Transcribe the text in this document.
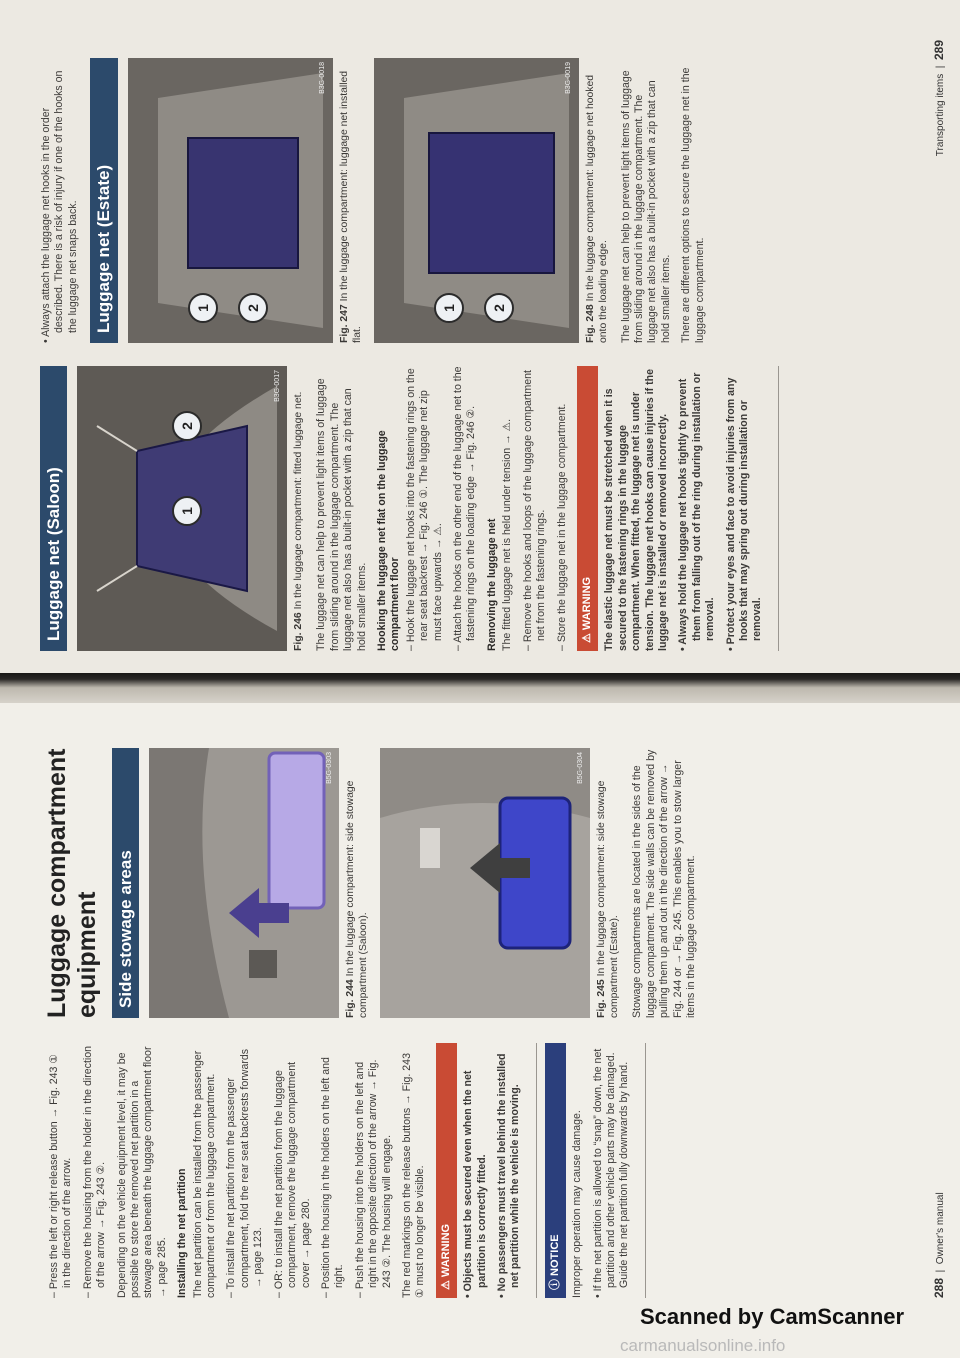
– Press the left or right release button → Fig. 243 ① in the direction of the arrow.

– Remove the housing from the holder in the direction of the arrow → Fig. 243 ②. Depending on the vehicle equipment level, it may be possible to store the removed net partition in a stowage area beneath the luggage compartment floor → page 285. Installing the net partition The net partition can be installed from the passenger compartment or from the luggage compartment. – To install the net partition from the passenger compartment, fold the rear seat backrests forwards → page 123.

– OR: to install the net partition from the luggage compartment, remove the luggage compartment cover → page 280.

– Position the housing in the holders on the left and right.

– Push the housing into the holders on the left and right in the opposite direction of the arrow → Fig. 243 ②. The housing will engage. The red markings on the release buttons → Fig. 243 ① must no longer be visible.	⚠ WARNING

• Objects must be secured even when the net partition is correctly fitted.

• No passengers must travel behind the installed net partition while the vehicle is moving.	ⓘ NOTICE Improper operation may cause damage. • If the net partition is allowed to “snap” down, the net partition and other vehicle parts may be damaged. Guide the net partition fully downwards by hand.

Luggage compartment equipment Side stowage areas
B5G-0303
Fig. 244 In the luggage compartment: side stowage compartment (Saloon).
B5G-0304
Fig. 245 In the luggage compartment: side stowage compartment (Estate). Stowage compartments are located in the sides of the luggage compartment. The side walls can be removed by pulling them up and out in the direction of the arrow → Fig. 244 or → Fig. 245. This enables you to stow larger items in the luggage compartment.

288  |  Owner's manual
Luggage net (Saloon)	1
2
B3G-0017
Fig. 246 In the luggage compartment: fitted luggage net. The luggage net can help to prevent light items of luggage from sliding around in the luggage compartment. The luggage net also has a built-in pocket with a zip that can hold smaller items. Hooking the luggage net flat on the luggage compartment floor – Hook the luggage net hooks into the fastening rings on the rear seat backrest → Fig. 246 ①. The luggage net zip must face upwards → ⚠.

– Attach the hooks on the other end of the luggage net to the fastening rings on the loading edge → Fig. 246 ②. Removing the luggage net The fitted luggage net is held under tension → ⚠. – Remove the hooks and loops of the luggage compartment net from the fastening rings.

– Store the luggage net in the luggage compartment.	⚠ WARNING The elastic luggage net must be stretched when it is secured to the fastening rings in the luggage compartment. When fitted, the luggage net is under tension. The luggage net hooks can cause injuries if the luggage net is installed or removed incorrectly. • Always hold the luggage net hooks tightly to prevent them from falling out of the ring during installation or removal.

• Protect your eyes and face to avoid injuries from any hooks that may spring out during installation or removal.

• Always attach the luggage net hooks in the order described. There is a risk of injury if one of the hooks on the luggage net snaps back. Luggage net (Estate)	1	2
B3G-0018
Fig. 247 In the luggage compartment: luggage net installed flat.
1	2
B3G-0019
Fig. 248 In the luggage compartment: luggage net hooked onto the loading edge. The luggage net can help to prevent light items of luggage from sliding around in the luggage compartment. The luggage net also has a built-in pocket with a zip that can hold smaller items. There are different options to secure the luggage net in the luggage compartment.

Transporting items  |  289
Scanned by CamScanner
carmanualsonline.info
